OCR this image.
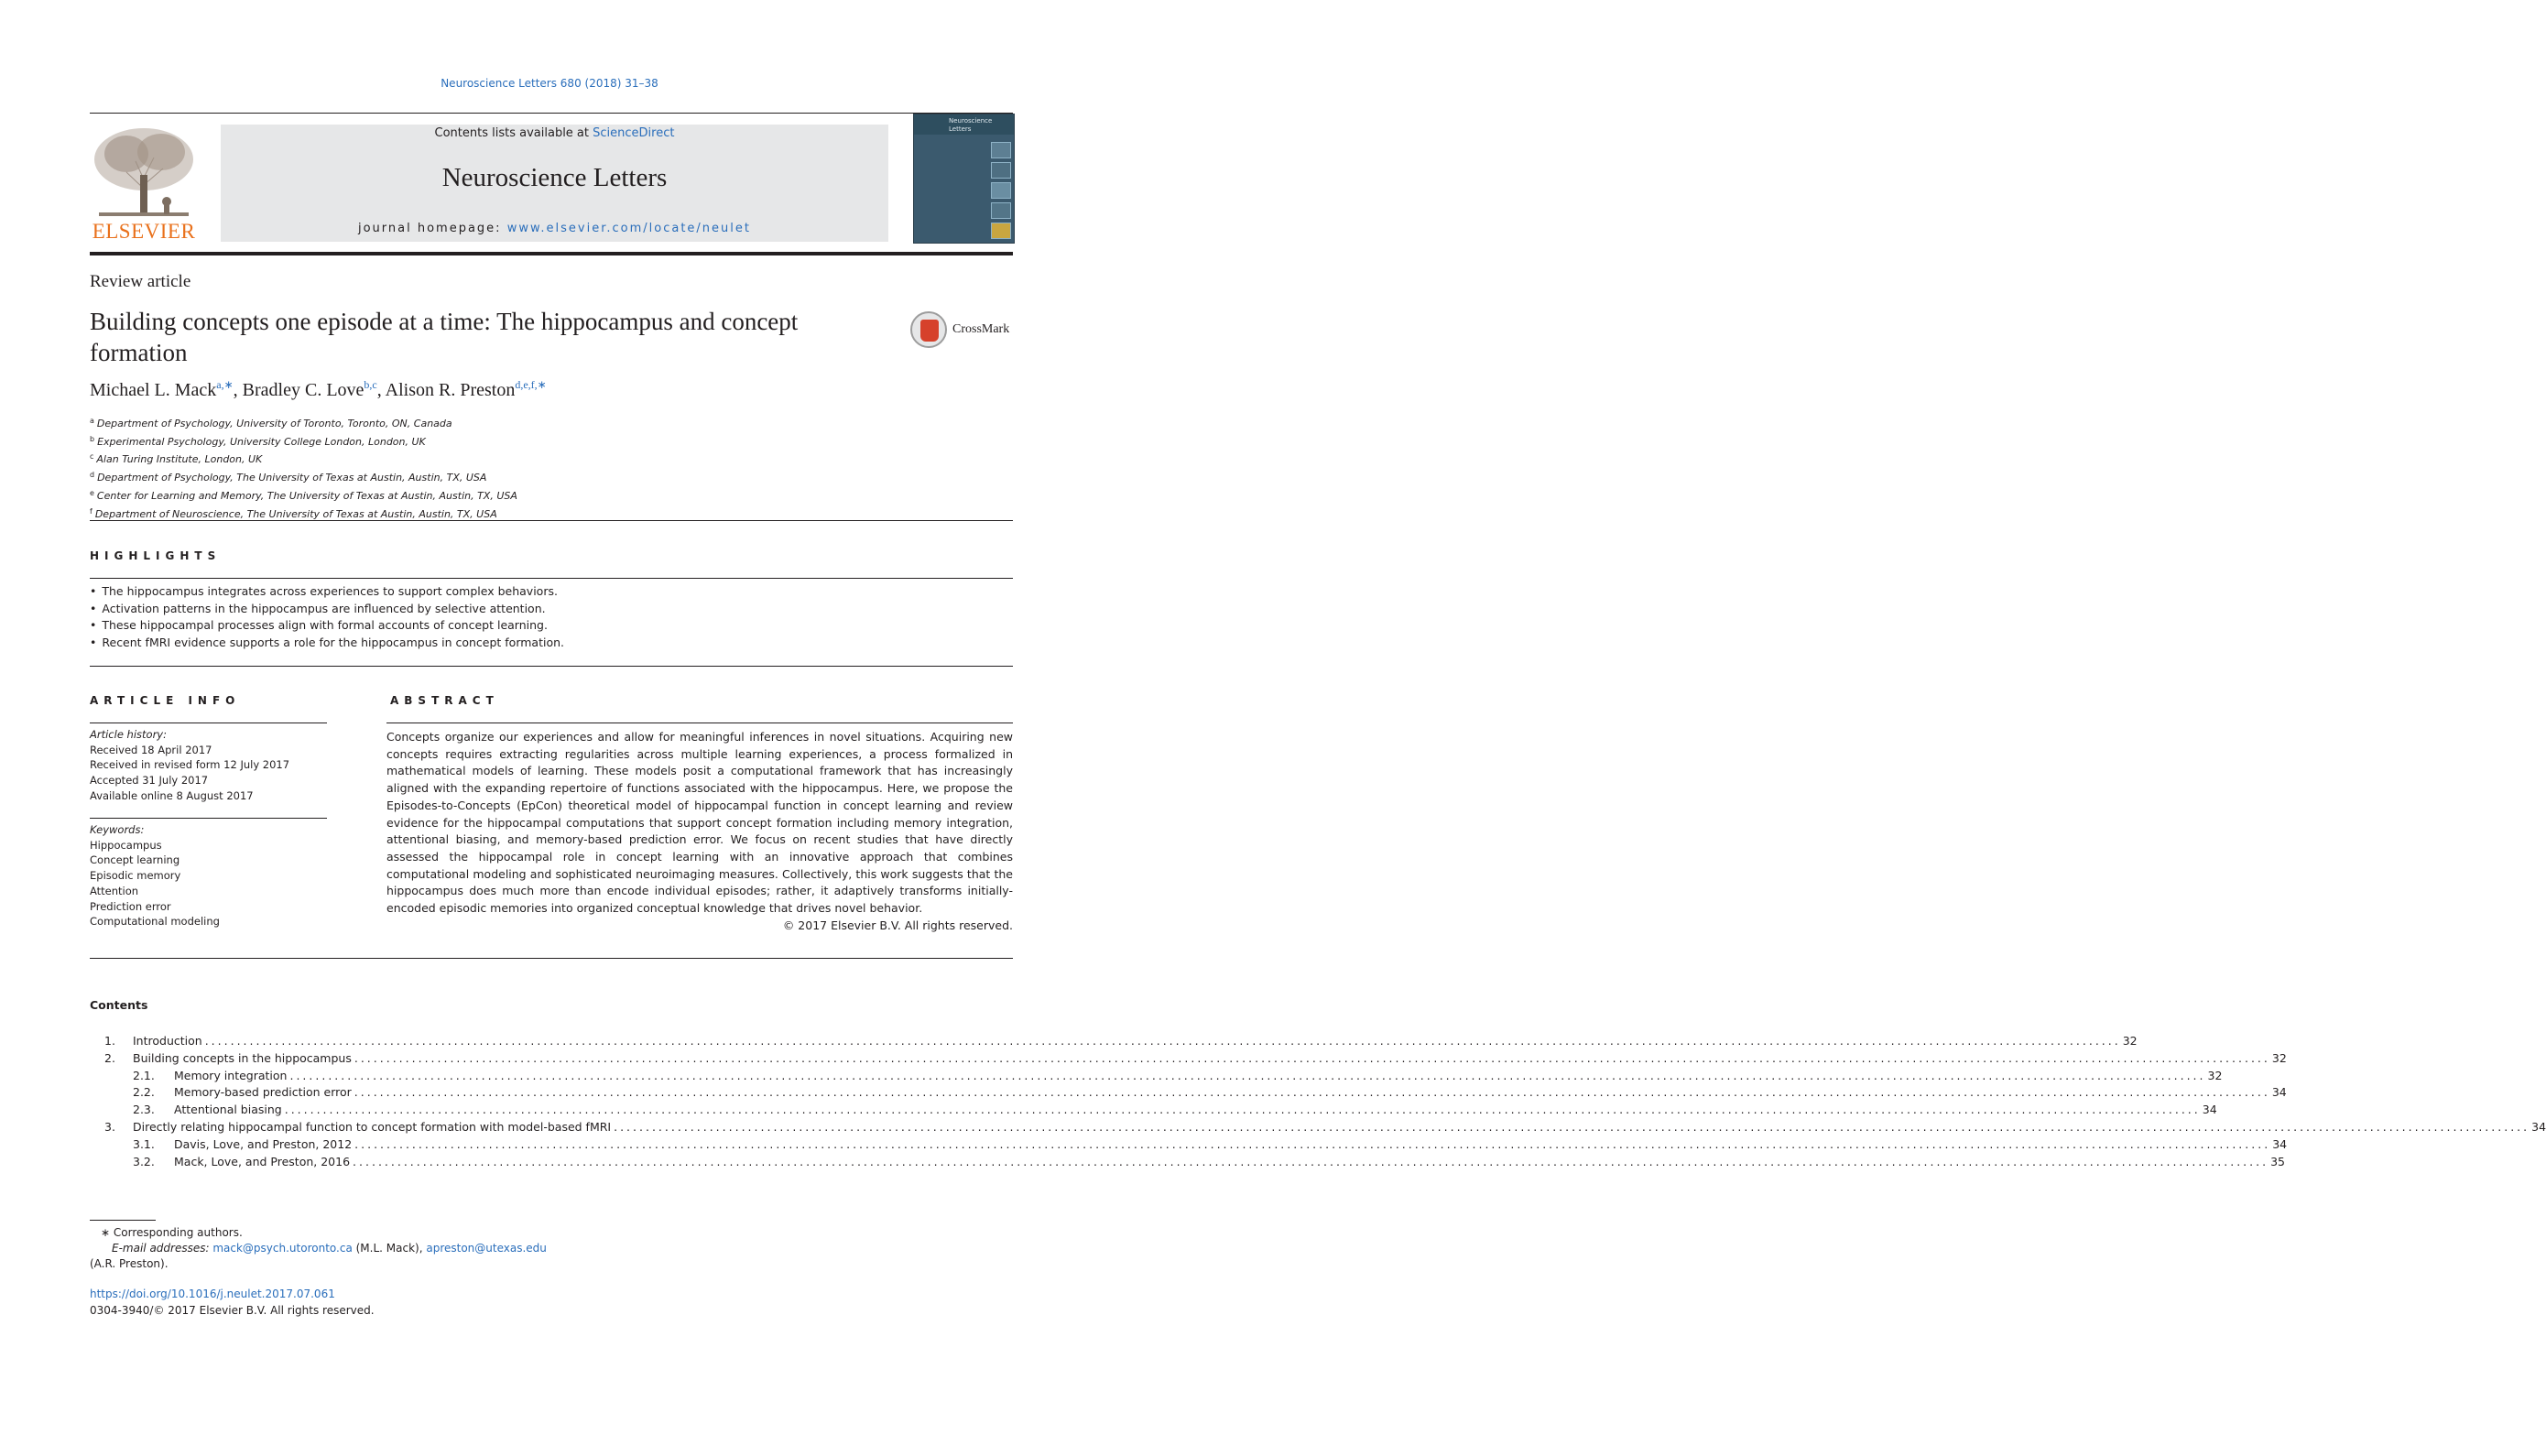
Neuroscience Letters 680 (2018) 31–38
ELSEVIER
Contents lists available at ScienceDirect
Neuroscience Letters
journal homepage: www.elsevier.com/locate/neulet
Neuroscience Letters
Review article
Building concepts one episode at a time: The hippocampus and concept formation
CrossMark
Michael L. Mack$^{a,∗}$, Bradley C. Love$^{b,c}$, Alison R. Preston$^{d,e,f,∗}$
$^a$ Department of Psychology, University of Toronto, Toronto, ON, Canada
$^b$ Experimental Psychology, University College London, London, UK
$^c$ Alan Turing Institute, London, UK
$^d$ Department of Psychology, The University of Texas at Austin, Austin, TX, USA
$^e$ Center for Learning and Memory, The University of Texas at Austin, Austin, TX, USA
$^f$ Department of Neuroscience, The University of Texas at Austin, Austin, TX, USA
HIGHLIGHTS
• The hippocampus integrates across experiences to support complex behaviors.
• Activation patterns in the hippocampus are influenced by selective attention.
• These hippocampal processes align with formal accounts of concept learning.
• Recent fMRI evidence supports a role for the hippocampus in concept formation.
ARTICLE INFO
Article history:
Received 18 April 2017
Received in revised form 12 July 2017
Accepted 31 July 2017
Available online 8 August 2017
Keywords:
Hippocampus
Concept learning
Episodic memory
Attention
Prediction error
Computational modeling
ABSTRACT
Concepts organize our experiences and allow for meaningful inferences in novel situations. Acquiring new concepts requires extracting regularities across multiple learning experiences, a process formalized in mathematical models of learning. These models posit a computational framework that has increasingly aligned with the expanding repertoire of functions associated with the hippocampus. Here, we propose the Episodes-to-Concepts (EpCon) theoretical model of hippocampal function in concept learning and review evidence for the hippocampal computations that support concept formation including memory integration, attentional biasing, and memory-based prediction error. We focus on recent studies that have directly assessed the hippocampal role in concept learning with an innovative approach that combines computational modeling and sophisticated neuroimaging measures. Collectively, this work suggests that the hippocampus does much more than encode individual episodes; rather, it adaptively transforms initially-encoded episodic memories into organized conceptual knowledge that drives novel behavior.
© 2017 Elsevier B.V. All rights reserved.
Contents
1. Introduction ............................................................................................................................................................................................................................................................................................................ 32
2. Building concepts in the hippocampus ............................................................................................................................................................................................................................................................................................................ 32
2.1. Memory integration ............................................................................................................................................................................................................................................................................................................ 32
2.2. Memory-based prediction error ............................................................................................................................................................................................................................................................................................................ 34
2.3. Attentional biasing ............................................................................................................................................................................................................................................................................................................ 34
3. Directly relating hippocampal function to concept formation with model-based fMRI ............................................................................................................................................................................................................................................................................................................ 34
3.1. Davis, Love, and Preston, 2012 ............................................................................................................................................................................................................................................................................................................ 34
3.2. Mack, Love, and Preston, 2016 ............................................................................................................................................................................................................................................................................................................ 35
∗ Corresponding authors.
E-mail addresses: mack@psych.utoronto.ca (M.L. Mack), apreston@utexas.edu
(A.R. Preston).
https://doi.org/10.1016/j.neulet.2017.07.061
0304-3940/© 2017 Elsevier B.V. All rights reserved.
